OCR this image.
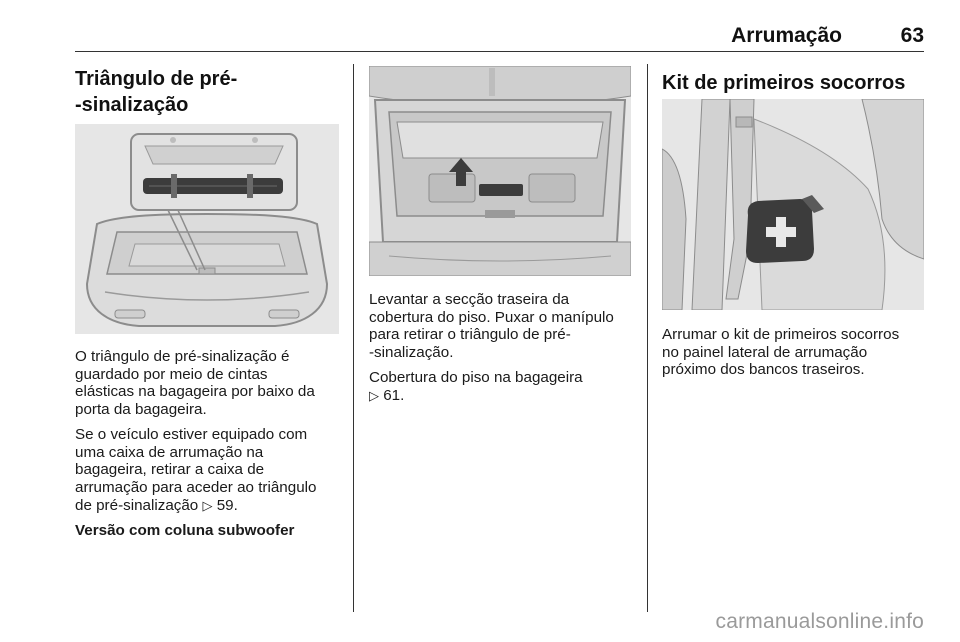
Arrumação	63
Triângulo de pré-
-sinalização

O triângulo de pré-sinalização é
guardado por meio de cintas
elásticas na bagageira por baixo da
porta da bagageira.

Se o veículo estiver equipado com
uma caixa de arrumação na
bagageira, retirar a caixa de
arrumação para aceder ao triângulo
de pré-sinalização ▷ 59.

Versão com coluna subwoofer

Levantar a secção traseira da
cobertura do piso. Puxar o manípulo
para retirar o triângulo de pré-
-sinalização.

Cobertura do piso na bagageira
▷ 61.

Kit de primeiros socorros

Arrumar o kit de primeiros socorros
no painel lateral de arrumação
próximo dos bancos traseiros.

carmanualsonline.info
